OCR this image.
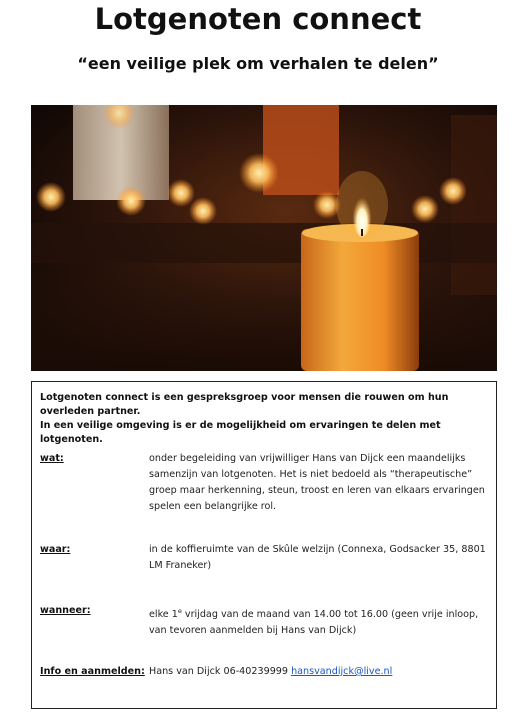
Lotgenoten connect
“een veilige plek om verhalen te delen”
Lotgenoten connect is een gespreksgroep voor mensen die rouwen om hun overleden partner.
In een veilige omgeving is er de mogelijkheid om ervaringen te delen met lotgenoten.
wat:	onder begeleiding van vrijwilliger Hans van Dijck een maandelijks samenzijn van lotgenoten. Het is niet bedoeld als “therapeutische” groep maar herkenning, steun, troost en leren van elkaars ervaringen spelen een belangrijke rol.
waar:	in de koffieruimte van de Skûle welzijn (Connexa, Godsacker 35, 8801 LM Franeker)
wanneer:	elke 1e vrijdag van de maand van 14.00 tot 16.00 (geen vrije inloop, van tevoren aanmelden bij Hans van Dijck)
Info en aanmelden: Hans van Dijck 06-40239999 hansvandijck@live.nl
